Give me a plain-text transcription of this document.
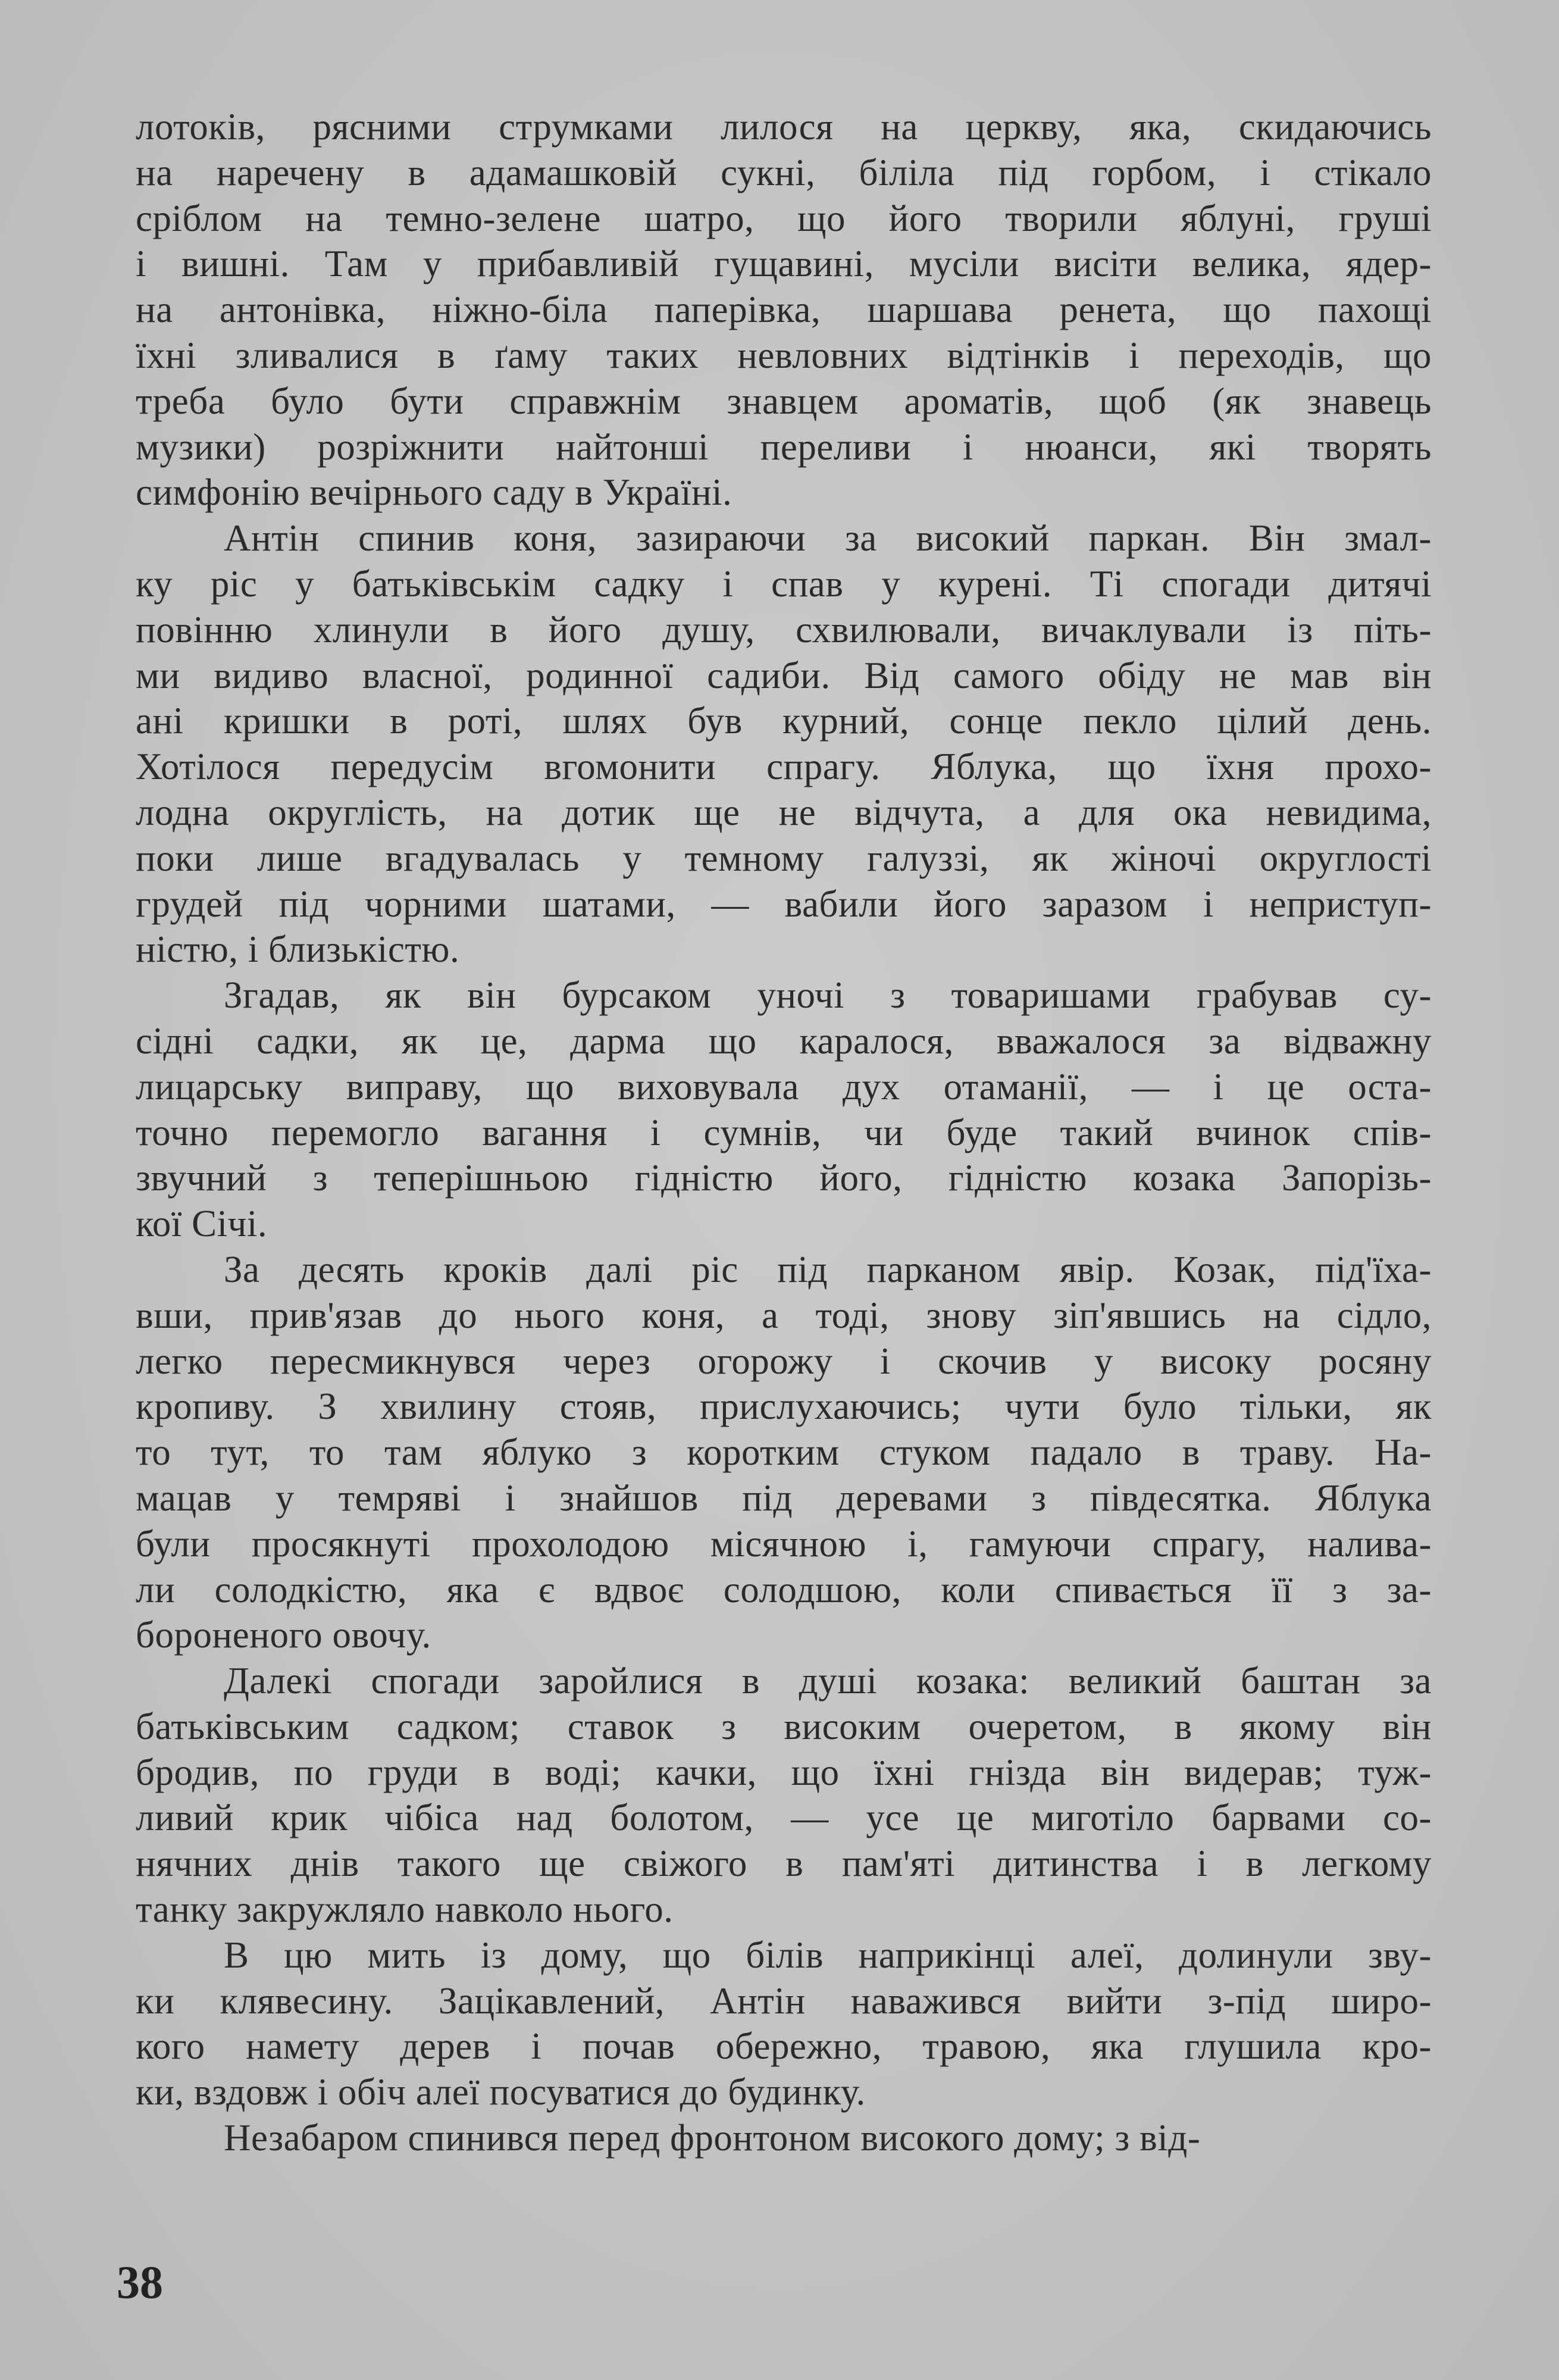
лотоків, рясними струмками лилося на церкву, яка, скидаючись
на наречену в адамашковій сукні, біліла під горбом, і стікало
сріблом на темно-зелене шатро, що його творили яблуні, груші
і вишні. Там у прибавливій гущавині, мусіли висіти велика, ядер-
на антонівка, ніжно-біла паперівка, шаршава ренета, що пахощі
їхні зливалися в ґаму таких невловних відтінків і переходів, що
треба було бути справжнім знавцем ароматів, щоб (як знавець
музики) розріжнити найтонші переливи і нюанси, які творять
симфонію вечірнього саду в Україні.
Антін спинив коня, зазираючи за високий паркан. Він змал-
ку ріс у батьківськім садку і спав у курені. Ті спогади дитячі
повінню хлинули в його душу, схвилювали, вичаклували із піть-
ми видиво власної, родинної садиби. Від самого обіду не мав він
ані кришки в роті, шлях був курний, сонце пекло цілий день.
Хотілося передусім вгомонити спрагу. Яблука, що їхня прохо-
лодна округлість, на дотик ще не відчута, а для ока невидима,
поки лише вгадувалась у темному галуззі, як жіночі округлості
грудей під чорними шатами, — вабили його заразом і неприступ-
ністю, і близькістю.
Згадав, як він бурсаком уночі з товаришами грабував су-
сідні садки, як це, дарма що каралося, вважалося за відважну
лицарську виправу, що виховувала дух отаманії, — і це оста-
точно перемогло вагання і сумнів, чи буде такий вчинок спів-
звучний з теперішньою гідністю його, гідністю козака Запорізь-
кої Січі.
За десять кроків далі ріс під парканом явір. Козак, під'їха-
вши, прив'язав до нього коня, а тоді, знову зіп'явшись на сідло,
легко пересмикнувся через огорожу і скочив у високу росяну
кропиву. З хвилину стояв, прислухаючись; чути було тільки, як
то тут, то там яблуко з коротким стуком падало в траву. На-
мацав у темряві і знайшов під деревами з півдесятка. Яблука
були просякнуті прохолодою місячною і, гамуючи спрагу, налива-
ли солодкістю, яка є вдвоє солодшою, коли спивається її з за-
бороненого овочу.
Далекі спогади заройлися в душі козака: великий баштан за
батьківським садком; ставок з високим очеретом, в якому він
бродив, по груди в воді; качки, що їхні гнізда він видерав; туж-
ливий крик чібіса над болотом, — усе це миготіло барвами со-
нячних днів такого ще свіжого в пам'яті дитинства і в легкому
танку закружляло навколо нього.
В цю мить із дому, що білів наприкінці алеї, долинули зву-
ки клявесину. Зацікавлений, Антін наважився вийти з-під широ-
кого намету дерев і почав обережно, травою, яка глушила кро-
ки, вздовж і обіч алеї посуватися до будинку.
Незабаром спинився перед фронтоном високого дому; з від-
38
